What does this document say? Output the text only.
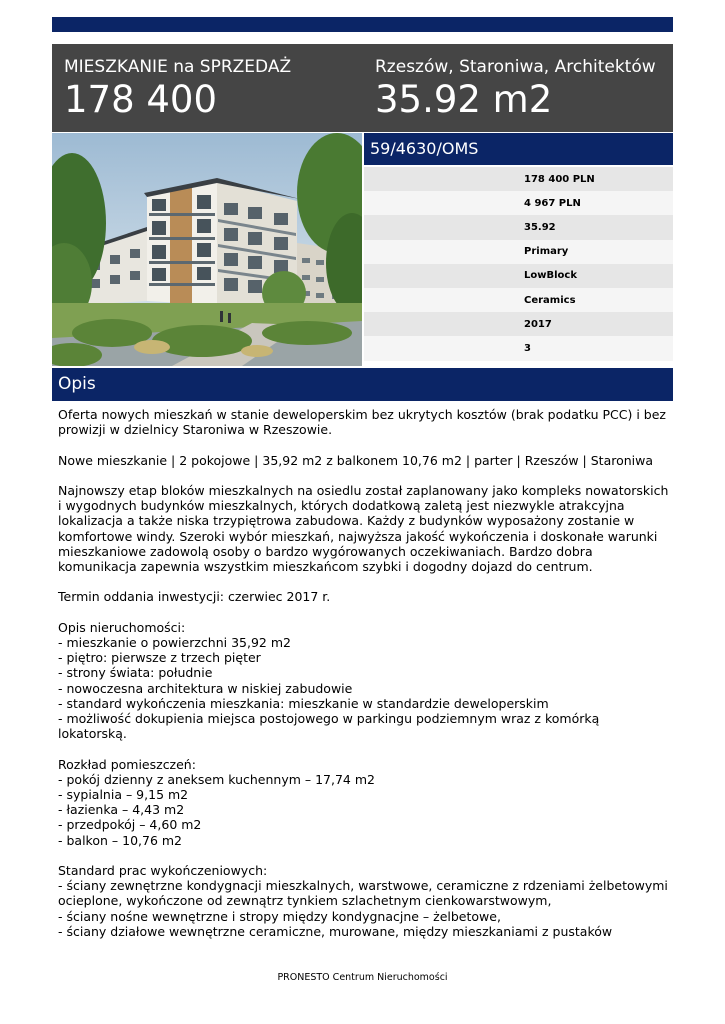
MIESZKANIE na SPRZEDAŻ
178 400
Rzeszów, Staroniwa, Architektów
35.92 m2
59/4630/OMS
178 400 PLN
4 967 PLN
35.92
Primary
LowBlock
Ceramics
2017
3
Opis

Oferta nowych mieszkań w stanie deweloperskim bez ukrytych kosztów (brak podatku PCC) i bez prowizji w dzielnicy Staroniwa w Rzeszowie.

Nowe mieszkanie | 2 pokojowe | 35,92 m2 z balkonem 10,76 m2 | parter | Rzeszów | Staroniwa

Najnowszy etap bloków mieszkalnych na osiedlu został zaplanowany jako kompleks nowatorskich i wygodnych budynków mieszkalnych, których dodatkową zaletą jest niezwykle atrakcyjna lokalizacja a także niska trzypiętrowa zabudowa. Każdy z budynków wyposażony zostanie w komfortowe windy. Szeroki wybór mieszkań, najwyższa jakość wykończenia i doskonałe warunki mieszkaniowe zadowolą osoby o bardzo wygórowanych oczekiwaniach. Bardzo dobra komunikacja zapewnia wszystkim mieszkańcom szybki i dogodny dojazd do centrum.

Termin oddania inwestycji: czerwiec 2017 r.

Opis nieruchomości:

- mieszkanie o powierzchni 35,92 m2

- piętro: pierwsze z trzech pięter

- strony świata: południe

- nowoczesna architektura w niskiej zabudowie

- standard wykończenia mieszkania: mieszkanie w standardzie deweloperskim

- możliwość dokupienia miejsca postojowego w parkingu podziemnym wraz z komórką lokatorską.

Rozkład pomieszczeń:

- pokój dzienny z aneksem kuchennym – 17,74 m2

- sypialnia – 9,15 m2

- łazienka – 4,43 m2

- przedpokój – 4,60 m2

- balkon – 10,76 m2

Standard prac wykończeniowych:

- ściany zewnętrzne kondygnacji mieszkalnych, warstwowe, ceramiczne z rdzeniami żelbetowymi ocieplone, wykończone od zewnątrz tynkiem szlachetnym cienkowarstwowym,

- ściany nośne wewnętrzne i stropy między kondygnacjne – żelbetowe,

- ściany działowe wewnętrzne ceramiczne, murowane, między mieszkaniami z pustaków

PRONESTO Centrum Nieruchomości
